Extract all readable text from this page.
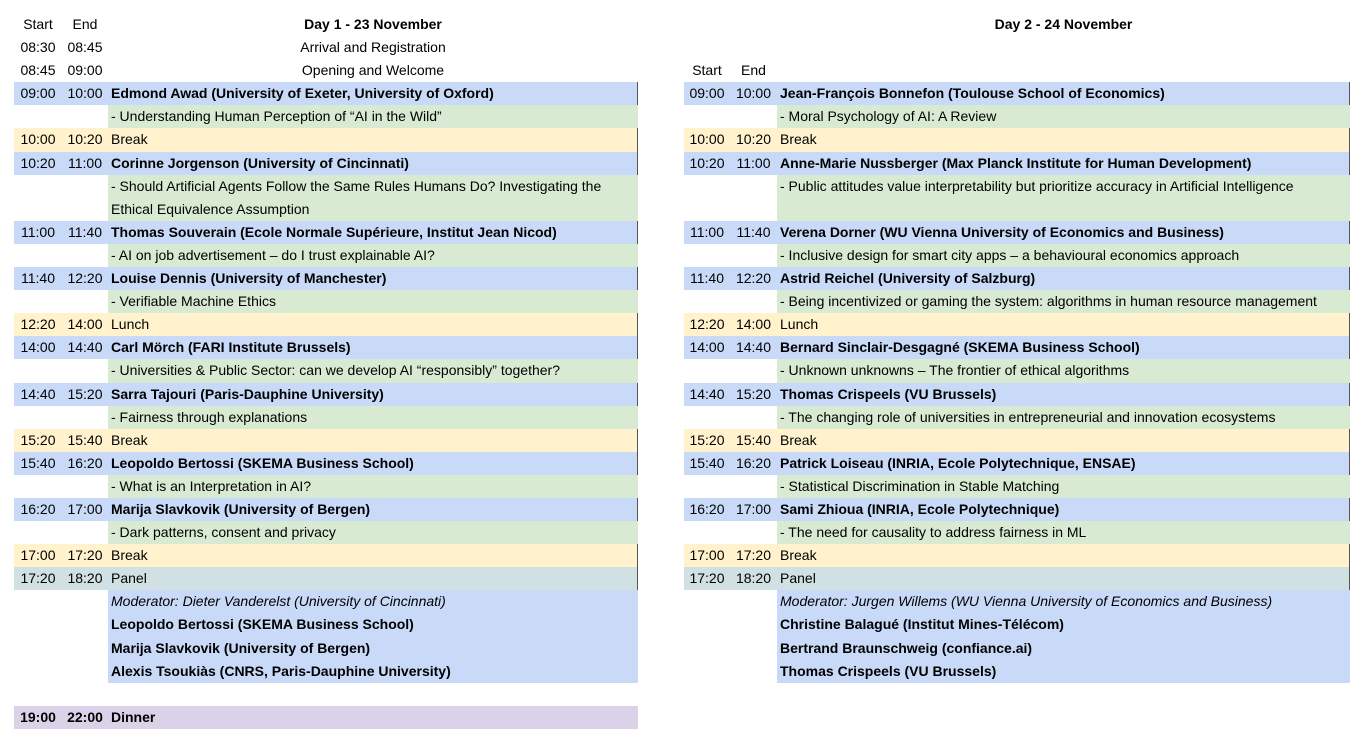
Start	End	Day 1 - 23 November
08:30 08:45	Arrival and Registration
08:45 09:00	Opening and Welcome
09:00 10:00 Edmond Awad (University of Exeter, University of Oxford)
- Understanding Human Perception of “AI in the Wild”
10:00 10:20 Break
10:20 11:00 Corinne Jorgenson (University of Cincinnati)
- Should Artificial Agents Follow the Same Rules Humans Do? Investigating the Ethical Equivalence Assumption
11:00 11:40 Thomas Souverain (Ecole Normale Supérieure, Institut Jean Nicod)
- AI on job advertisement – do I trust explainable AI?
11:40 12:20 Louise Dennis (University of Manchester)
- Verifiable Machine Ethics
12:20 14:00 Lunch
14:00 14:40 Carl Mörch (FARI Institute Brussels)
- Universities & Public Sector: can we develop AI “responsibly” together?
14:40 15:20 Sarra Tajouri (Paris-Dauphine University)
- Fairness through explanations
15:20 15:40 Break
15:40 16:20 Leopoldo Bertossi (SKEMA Business School)
- What is an Interpretation in AI?
16:20 17:00 Marija Slavkovik (University of Bergen)
- Dark patterns, consent and privacy
17:00 17:20 Break
17:20 18:20 Panel
Moderator: Dieter Vanderelst (University of Cincinnati)
Leopoldo Bertossi (SKEMA Business School)
Marija Slavkovik (University of Bergen)
Alexis Tsoukiàs (CNRS, Paris-Dauphine University)
19:00 22:00 Dinner
Day 2 - 24 November
Start	End
09:00 10:00 Jean-François Bonnefon (Toulouse School of Economics)
- Moral Psychology of AI: A Review
10:00 10:20 Break
10:20 11:00 Anne-Marie Nussberger (Max Planck Institute for Human Development)
- Public attitudes value interpretability but prioritize accuracy in Artificial Intelligence
11:00 11:40 Verena Dorner (WU Vienna University of Economics and Business)
- Inclusive design for smart city apps – a behavioural economics approach
11:40 12:20 Astrid Reichel (University of Salzburg)
- Being incentivized or gaming the system: algorithms in human resource management
12:20 14:00 Lunch
14:00 14:40 Bernard Sinclair-Desgagné (SKEMA Business School)
- Unknown unknowns – The frontier of ethical algorithms
14:40 15:20 Thomas Crispeels (VU Brussels)
- The changing role of universities in entrepreneurial and innovation ecosystems
15:20 15:40 Break
15:40 16:20 Patrick Loiseau (INRIA, Ecole Polytechnique, ENSAE)
- Statistical Discrimination in Stable Matching
16:20 17:00 Sami Zhioua (INRIA, Ecole Polytechnique)
- The need for causality to address fairness in ML
17:00 17:20 Break
17:20 18:20 Panel
Moderator: Jurgen Willems (WU Vienna University of Economics and Business)
Christine Balagué (Institut Mines-Télécom)
Bertrand Braunschweig (confiance.ai)
Thomas Crispeels (VU Brussels)
